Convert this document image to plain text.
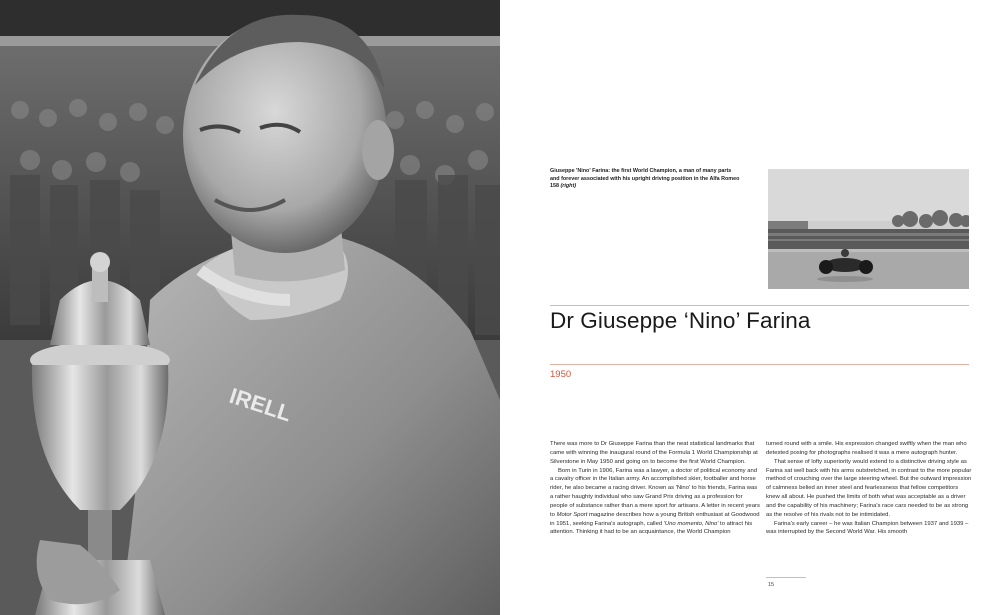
IRELL
Giuseppe 'Nino' Farina: the first World Champion, a man of many parts and forever associated with his upright driving position in the Alfa Romeo 158 (right)
Dr Giuseppe ‘Nino’ Farina
1950

There was more to Dr Giuseppe Farina than the neat statistical landmarks that came with winning the inaugural round of the Formula 1 World Championship at Silverstone in May 1950 and going on to become the first World Champion.

Born in Turin in 1906, Farina was a lawyer, a doctor of political economy and a cavalry officer in the Italian army. An accomplished skier, footballer and horse rider, he also became a racing driver. Known as 'Nino' to his friends, Farina was a rather haughty individual who saw Grand Prix driving as a profession for people of substance rather than a mere sport for artisans. A letter in recent years to Motor Sport magazine describes how a young British enthusiast at Goodwood in 1951, seeking Farina's autograph, called 'Uno momento, Nino' to attract his attention. Thinking it had to be an acquaintance, the World Champion

turned round with a smile. His expression changed swiftly when the man who detested posing for photographs realised it was a mere autograph hunter.

That sense of lofty superiority would extend to a distinctive driving style as Farina sat well back with his arms outstretched, in contrast to the more popular method of crouching over the large steering wheel. But the outward impression of calmness belied an inner steel and fearlessness that fellow competitors knew all about. He pushed the limits of both what was acceptable as a driver and the capability of his machinery; Farina's race cars needed to be as strong as the resolve of his rivals not to be intimidated.

Farina's early career – he was Italian Champion between 1937 and 1939 – was interrupted by the Second World War. His smooth

15
